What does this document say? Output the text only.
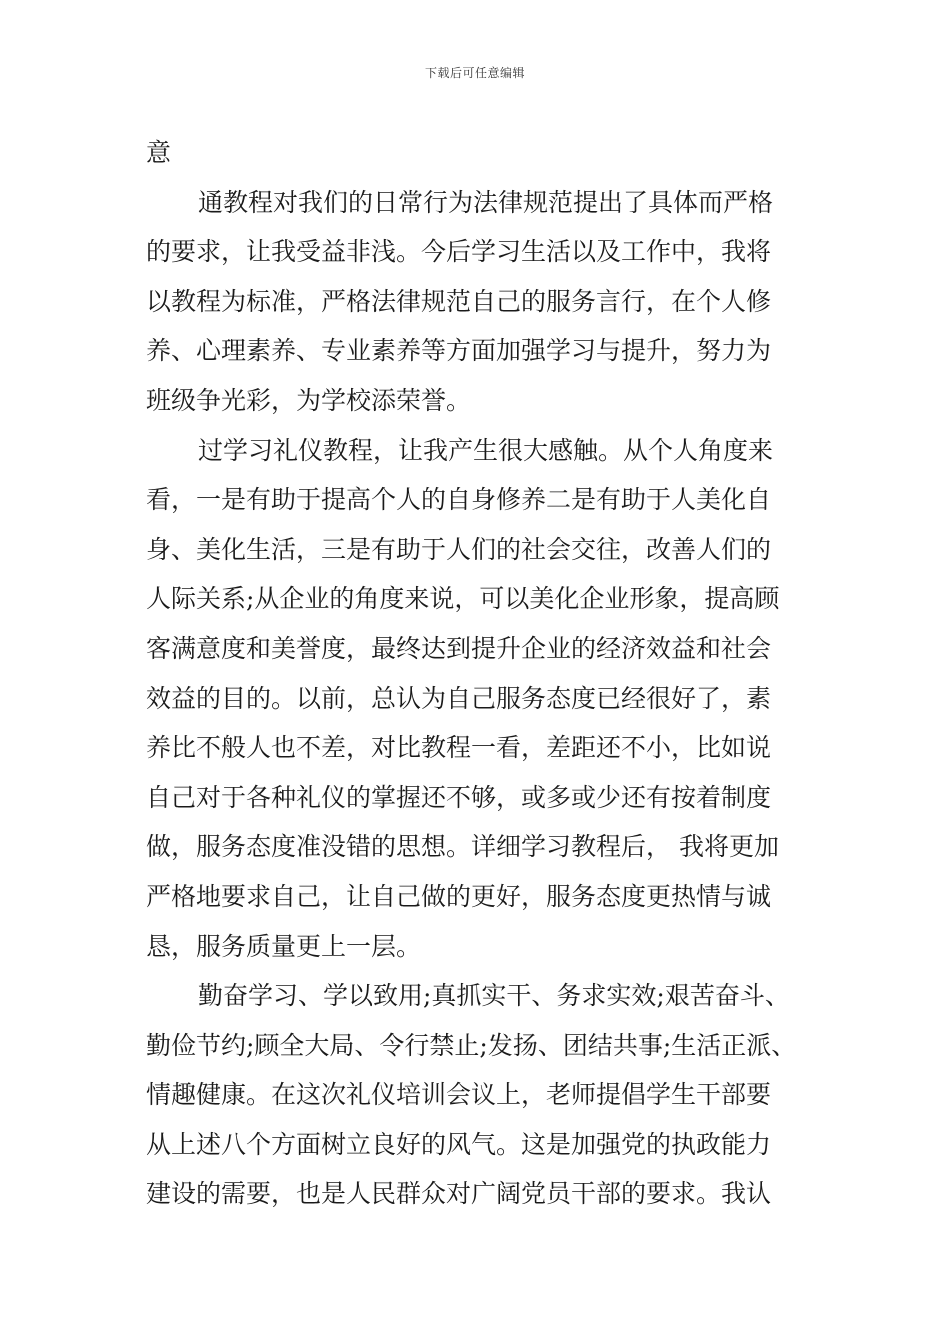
下载后可任意编辑
意
通教程对我们的日常行为法律规范提出了具体而严格
的要求，让我受益非浅。今后学习生活以及工作中，我将
以教程为标准，严格法律规范自己的服务言行，在个人修
养、心理素养、专业素养等方面加强学习与提升，努力为
班级争光彩，为学校添荣誉。
过学习礼仪教程，让我产生很大感触。从个人角度来
看，一是有助于提高个人的自身修养二是有助于人美化自
身、美化生活，三是有助于人们的社会交往，改善人们的
人际关系;从企业的角度来说，可以美化企业形象，提高顾
客满意度和美誉度，最终达到提升企业的经济效益和社会
效益的目的。以前，总认为自己服务态度已经很好了，素
养比不般人也不差，对比教程一看，差距还不小，比如说
自己对于各种礼仪的掌握还不够，或多或少还有按着制度
做，服务态度准没错的思想。详细学习教程后， 我将更加
严格地要求自己，让自己做的更好，服务态度更热情与诚
恳，服务质量更上一层。
勤奋学习、学以致用;真抓实干、务求实效;艰苦奋斗、
勤俭节约;顾全大局、令行禁止;发扬、团结共事;生活正派、
情趣健康。在这次礼仪培训会议上，老师提倡学生干部要
从上述八个方面树立良好的风气。这是加强党的执政能力
建设的需要，也是人民群众对广阔党员干部的要求。我认
